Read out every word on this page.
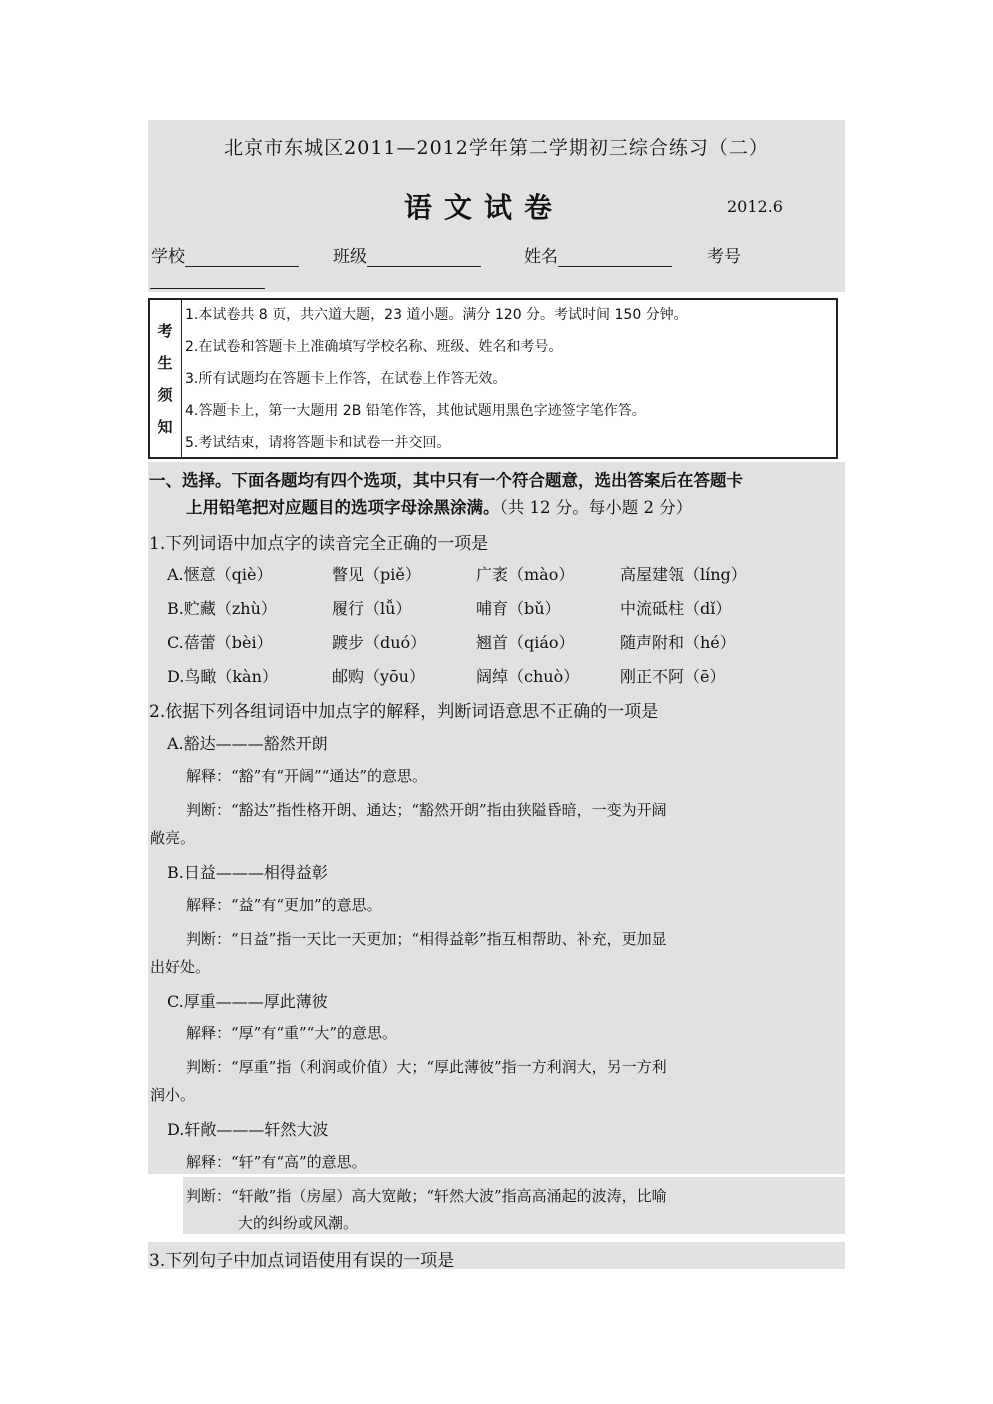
北京市东城区2011—2012学年第二学期初三综合练习（二）
语文试卷	2012.6
学校	班级	姓名	考号
考
生
须
知
1.本试卷共 8 页，共六道大题，23 道小题。满分 120 分。考试时间 150 分钟。
2.在试卷和答题卡上准确填写学校名称、班级、姓名和考号。
3.所有试题均在答题卡上作答，在试卷上作答无效。
4.答题卡上，第一大题用 2B 铅笔作答，其他试题用黑色字迹签字笔作答。
5.考试结束，请将答题卡和试卷一并交回。
一、选择。下面各题均有四个选项，其中只有一个符合题意，选出答案后在答题卡
上用铅笔把对应题目的选项字母涂黑涂满。（共 12 分。每小题 2 分）
1.下列词语中加点字的读音完全正确的一项是
A.惬意（qiè）	瞥见（piě）	广袤（mào）	高屋建瓴（líng）
B.贮藏（zhù）	履行（lǚ）	哺育（bǔ）	中流砥柱（dǐ）
C.蓓蕾（bèi）	踱步（duó）	翘首（qiáo）	随声附和（hé）
D.鸟瞰（kàn）	邮购（yōu）	阔绰（chuò）	刚正不阿（ē）
2.依据下列各组词语中加点字的解释，判断词语意思不正确的一项是
A.豁达———豁然开朗
解释：“豁”有“开阔”“通达”的意思。
判断：“豁达”指性格开朗、通达；“豁然开朗”指由狭隘昏暗，一变为开阔
敞亮。
B.日益———相得益彰
解释：“益”有“更加”的意思。
判断：“日益”指一天比一天更加；“相得益彰”指互相帮助、补充，更加显
出好处。
C.厚重———厚此薄彼
解释：“厚”有“重”“大”的意思。
判断：“厚重”指（利润或价值）大；“厚此薄彼”指一方利润大，另一方利
润小。
D.轩敞———轩然大波
解释：“轩”有“高”的意思。
判断：“轩敞”指（房屋）高大宽敞；“轩然大波”指高高涌起的波涛，比喻
大的纠纷或风潮。
3.下列句子中加点词语使用有误的一项是
